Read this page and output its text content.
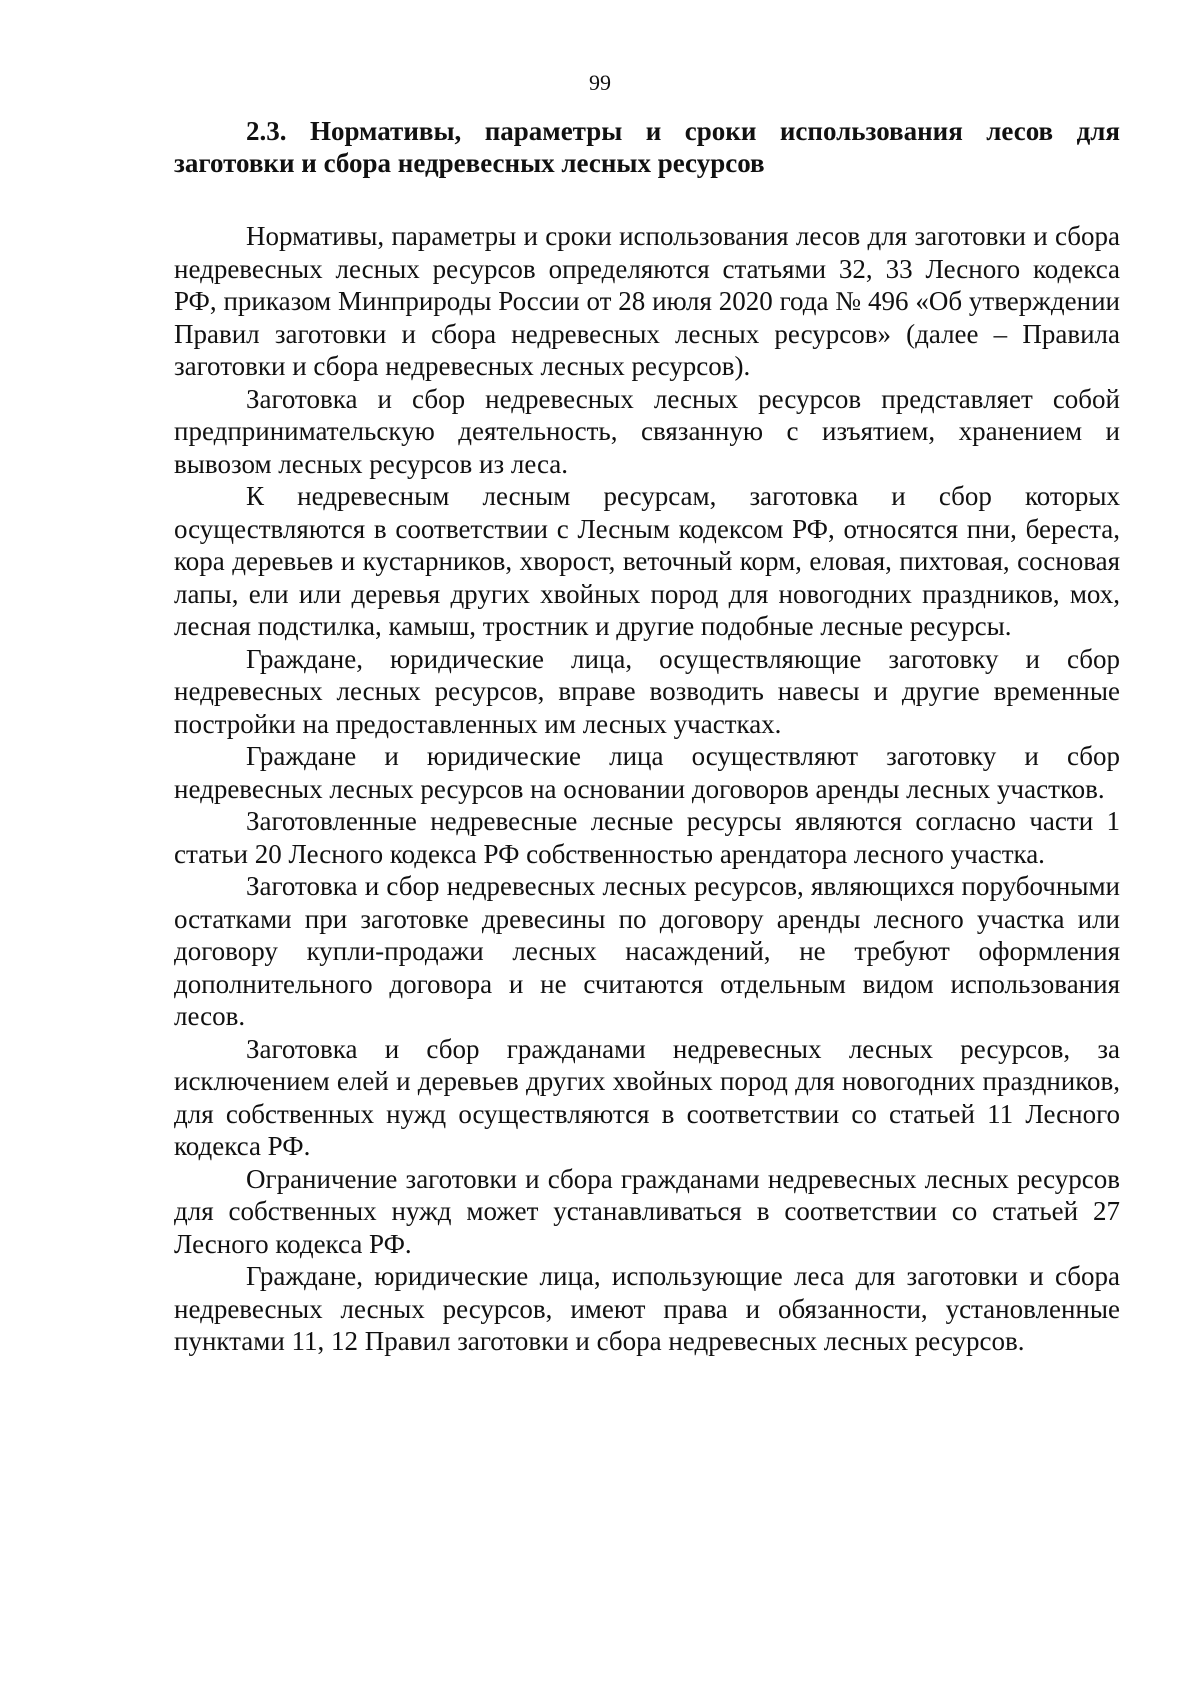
99
2.3. Нормативы, параметры и сроки использования лесов для заготовки и сбора недревесных лесных ресурсов

Нормативы, параметры и сроки использования лесов для заготовки и сбора недревесных лесных ресурсов определяются статьями 32, 33 Лесного кодекса РФ, приказом Минприроды России от 28 июля 2020 года № 496 «Об утверждении Правил заготовки и сбора недревесных лесных ресурсов» (далее – Правила заготовки и сбора недревесных лесных ресурсов).

Заготовка и сбор недревесных лесных ресурсов представляет собой предпринимательскую деятельность, связанную с изъятием, хранением и вывозом лесных ресурсов из леса.

К недревесным лесным ресурсам, заготовка и сбор которых осуществляются в соответствии с Лесным кодексом РФ, относятся пни, береста, кора деревьев и кустарников, хворост, веточный корм, еловая, пихтовая, сосновая лапы, ели или деревья других хвойных пород для новогодних праздников, мох, лесная подстилка, камыш, тростник и другие подобные лесные ресурсы.

Граждане, юридические лица, осуществляющие заготовку и сбор недревесных лесных ресурсов, вправе возводить навесы и другие временные постройки на предоставленных им лесных участках.

Граждане и юридические лица осуществляют заготовку и сбор недревесных лесных ресурсов на основании договоров аренды лесных участков.

Заготовленные недревесные лесные ресурсы являются согласно части 1 статьи 20 Лесного кодекса РФ собственностью арендатора лесного участка.

Заготовка и сбор недревесных лесных ресурсов, являющихся порубочными остатками при заготовке древесины по договору аренды лесного участка или договору купли-продажи лесных насаждений, не требуют оформления дополнительного договора и не считаются отдельным видом использования лесов.

Заготовка и сбор гражданами недревесных лесных ресурсов, за исключением елей и деревьев других хвойных пород для новогодних праздников, для собственных нужд осуществляются в соответствии со статьей 11 Лесного кодекса РФ.

Ограничение заготовки и сбора гражданами недревесных лесных ресурсов для собственных нужд может устанавливаться в соответствии со статьей 27 Лесного кодекса РФ.

Граждане, юридические лица, использующие леса для заготовки и сбора недревесных лесных ресурсов, имеют права и обязанности, установленные пунктами 11, 12 Правил заготовки и сбора недревесных лесных ресурсов.
